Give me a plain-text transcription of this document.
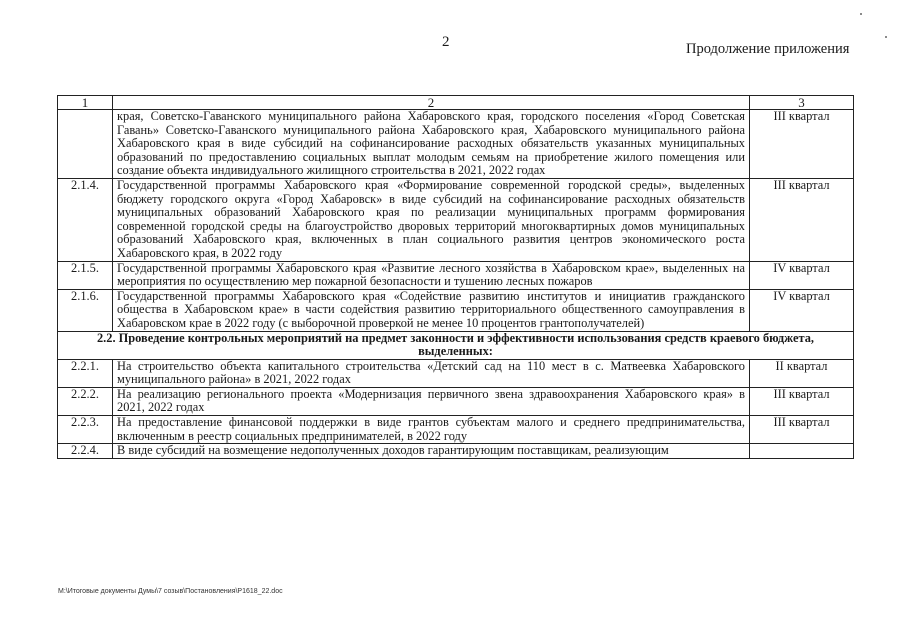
2	Продолжение приложения
1	2	3
	края, Советско-Гаванского муниципального района Хабаровского края, городского поселения «Город Советская Гавань» Советско-Гаванского муниципального района Хабаровского края, Хабаровского муниципального района Хабаровского края в виде субсидий на софинансирование расходных обязательств указанных муниципальных образований по предоставлению социальных выплат молодым семьям на приобретение жилого помещения или создание объекта индивидуального жилищного строительства в 2021, 2022 годах	III квартал
2.1.4.	Государственной программы Хабаровского края «Формирование современной городской среды», выделенных бюджету городского округа «Город Хабаровск» в виде субсидий на софинансирование расходных обязательств муниципальных образований Хабаровского края по реализации муниципальных программ формирования современной городской среды на благоустройство дворовых территорий многоквартирных домов муниципальных образований Хабаровского края, включенных в план социального развития центров экономического роста Хабаровского края, в 2022 году	III квартал
2.1.5.	Государственной программы Хабаровского края «Развитие лесного хозяйства в Хабаровском крае», выделенных на мероприятия по осуществлению мер пожарной безопасности и тушению лесных пожаров	IV квартал
2.1.6.	Государственной программы Хабаровского края «Содействие развитию институтов и инициатив гражданского общества в Хабаровском крае» в части содействия развитию территориального общественного самоуправления в Хабаровском крае в 2022 году (с выборочной проверкой не менее 10 процентов грантополучателей)	IV квартал
2.2. Проведение контрольных мероприятий на предмет законности и эффективности использования средств краевого бюджета, выделенных:		
2.2.1.	На строительство объекта капитального строительства «Детский сад на 110 мест в с. Матвеевка Хабаровского муниципального района» в 2021, 2022 годах	II квартал
2.2.2.	На реализацию регионального проекта «Модернизация первичного звена здравоохранения Хабаровского края» в 2021, 2022 годах	III квартал
2.2.3.	На предоставление финансовой поддержки в виде грантов субъектам малого и среднего предпринимательства, включенным в реестр социальных предпринимателей, в 2022 году	III квартал
2.2.4.	В виде субсидий на возмещение недополученных доходов гарантирующим поставщикам, реализующим	
M:\Итоговые документы Думы\7 созыв\Постановления\P1618_22.doc
